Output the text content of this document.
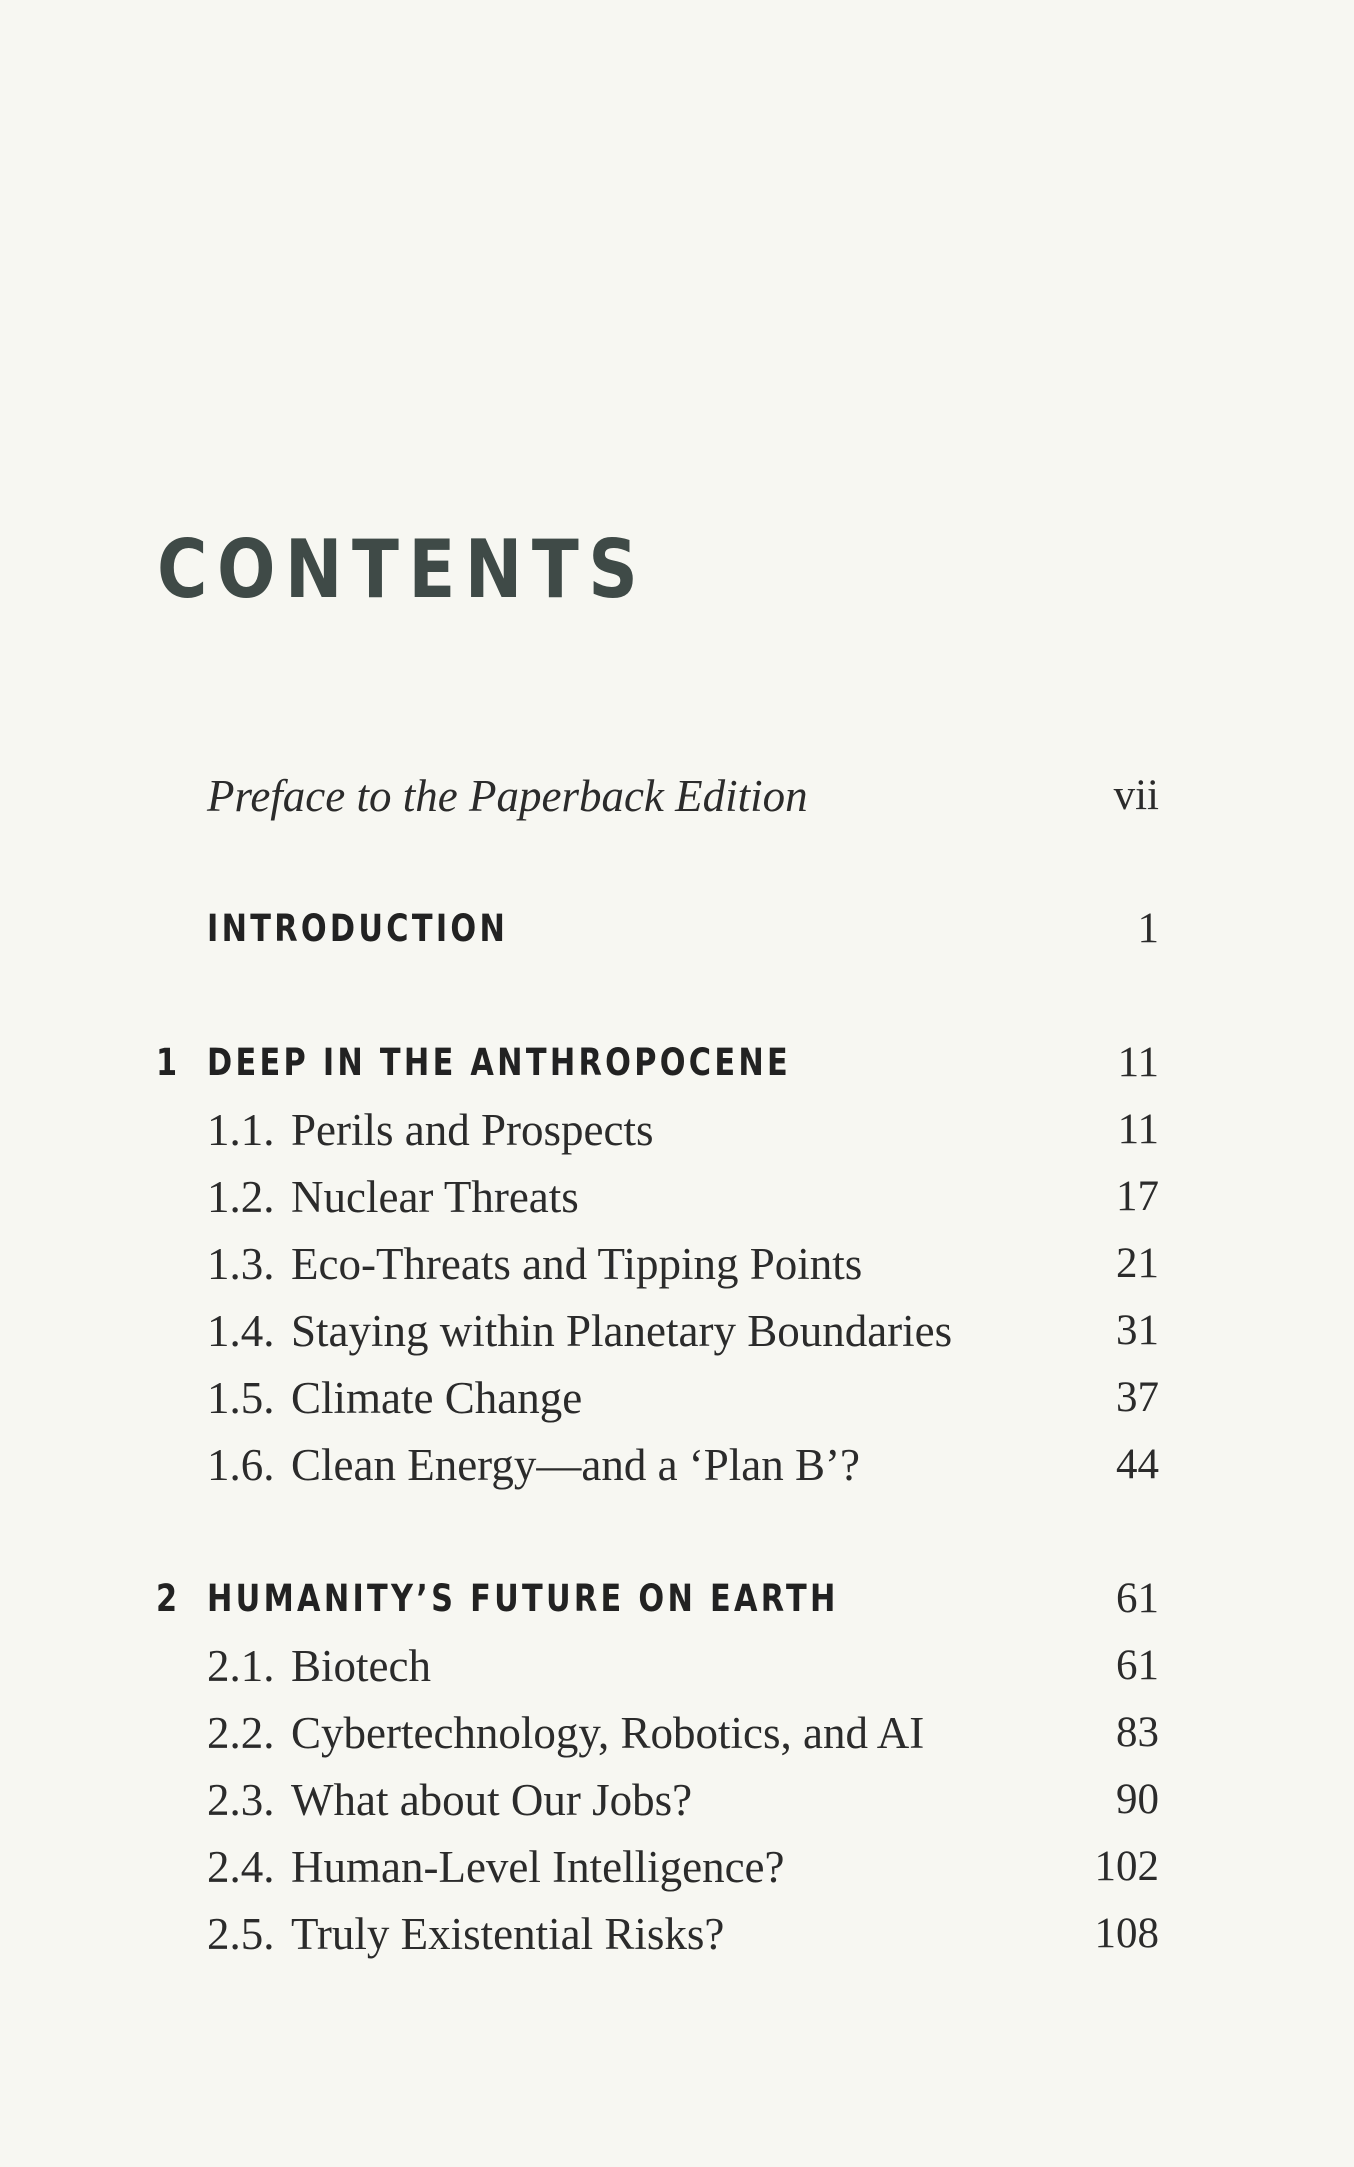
CONTENTS
Preface to the Paperback Edition	vii
INTRODUCTION	1
1 DEEP IN THE ANTHROPOCENE	11
1.1. Perils and Prospects	11
1.2. Nuclear Threats	17
1.3. Eco-Threats and Tipping Points	21
1.4. Staying within Planetary Boundaries	31
1.5. Climate Change	37
1.6. Clean Energy—and a ‘Plan B’?	44
2 HUMANITY’S FUTURE ON EARTH	61
2.1. Biotech	61
2.2. Cybertechnology, Robotics, and AI	83
2.3. What about Our Jobs?	90
2.4. Human-Level Intelligence?	102
2.5. Truly Existential Risks?	108
